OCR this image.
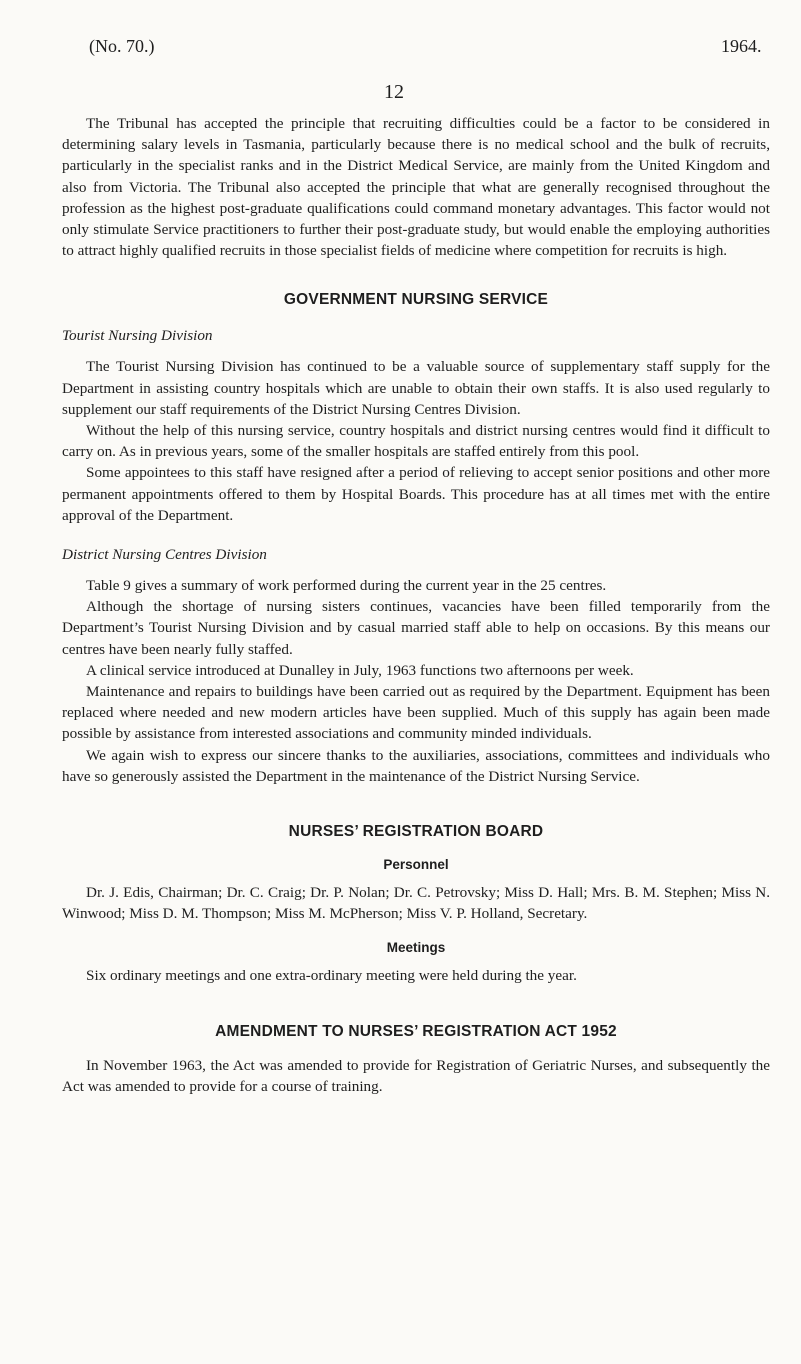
(No. 70.)
12
1964.

The Tribunal has accepted the principle that recruiting difficulties could be a factor to be considered in determining salary levels in Tasmania, particularly because there is no medical school and the bulk of recruits, particularly in the specialist ranks and in the District Medical Service, are mainly from the United Kingdom and also from Victoria. The Tribunal also accepted the principle that what are generally recognised throughout the profession as the highest post-graduate qualifications could command monetary advantages. This factor would not only stimulate Service practitioners to further their post-graduate study, but would enable the employing authorities to attract highly qualified recruits in those specialist fields of medicine where competition for recruits is high.

GOVERNMENT NURSING SERVICE
Tourist Nursing Division

The Tourist Nursing Division has continued to be a valuable source of supplementary staff supply for the Department in assisting country hospitals which are unable to obtain their own staffs. It is also used regularly to supplement our staff requirements of the District Nursing Centres Division.

Without the help of this nursing service, country hospitals and district nursing centres would find it difficult to carry on. As in previous years, some of the smaller hospitals are staffed entirely from this pool.

Some appointees to this staff have resigned after a period of relieving to accept senior positions and other more permanent appointments offered to them by Hospital Boards. This procedure has at all times met with the entire approval of the Department.

District Nursing Centres Division

Table 9 gives a summary of work performed during the current year in the 25 centres.

Although the shortage of nursing sisters continues, vacancies have been filled temporarily from the Department’s Tourist Nursing Division and by casual married staff able to help on occasions. By this means our centres have been nearly fully staffed.

A clinical service introduced at Dunalley in July, 1963 functions two afternoons per week.

Maintenance and repairs to buildings have been carried out as required by the Department. Equipment has been replaced where needed and new modern articles have been supplied. Much of this supply has again been made possible by assistance from interested associations and community minded individuals.

We again wish to express our sincere thanks to the auxiliaries, associations, committees and individuals who have so generously assisted the Department in the maintenance of the District Nursing Service.

NURSES’ REGISTRATION BOARD
Personnel

Dr. J. Edis, Chairman; Dr. C. Craig; Dr. P. Nolan; Dr. C. Petrovsky; Miss D. Hall; Mrs. B. M. Stephen; Miss N. Winwood; Miss D. M. Thompson; Miss M. McPherson; Miss V. P. Holland, Secretary.

Meetings

Six ordinary meetings and one extra-ordinary meeting were held during the year.

AMENDMENT TO NURSES’ REGISTRATION ACT 1952

In November 1963, the Act was amended to provide for Registration of Geriatric Nurses, and subsequently the Act was amended to provide for a course of training.
